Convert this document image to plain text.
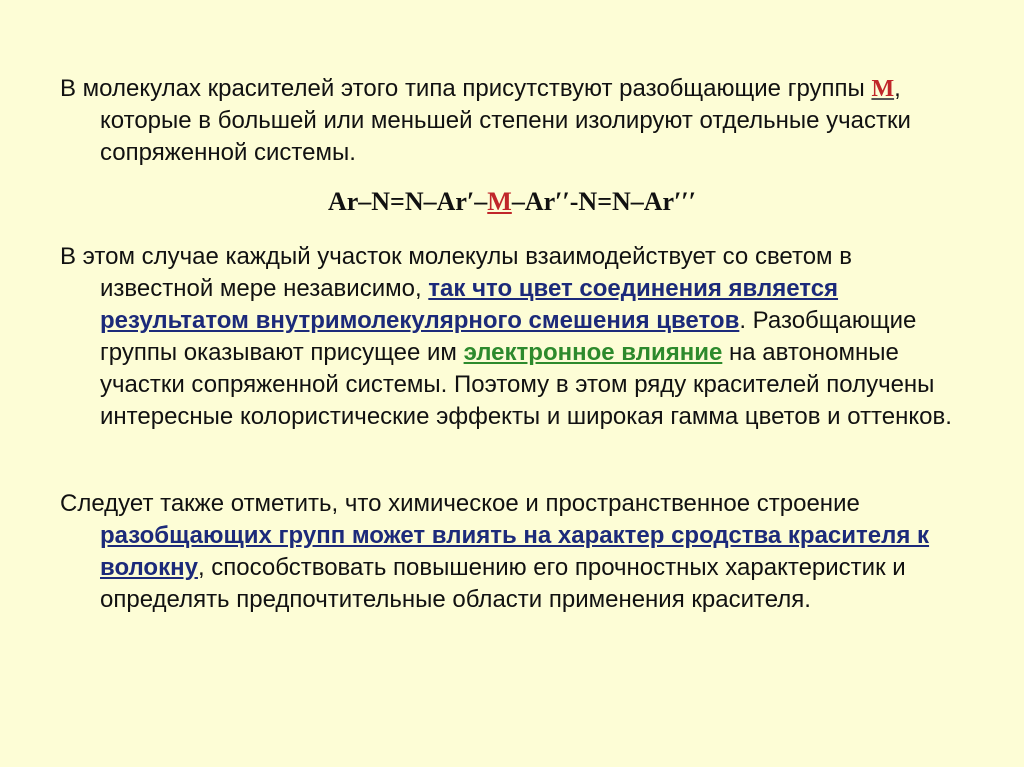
В молекулах красителей этого типа присутствуют разобщающие группы М, которые в большей или меньшей степени изолируют отдельные участки сопряженной системы.

Ar–N=N–Ar′–M–Ar′′-N=N–Ar′′′

В этом случае каждый участок молекулы взаимодействует со светом в известной мере независимо, так что цвет соединения является результатом внутримолекулярного смешения цветов. Разобщающие группы оказывают присущее им электронное влияние на автономные участки сопряженной системы. Поэтому в этом ряду красителей получены интересные колористические эффекты и широкая гамма цветов и оттенков.

Следует также отметить, что химическое и пространственное строение разобщающих групп может влиять на характер сродства красителя к волокну, способствовать повышению его прочностных характеристик и определять предпочтительные области применения красителя.
